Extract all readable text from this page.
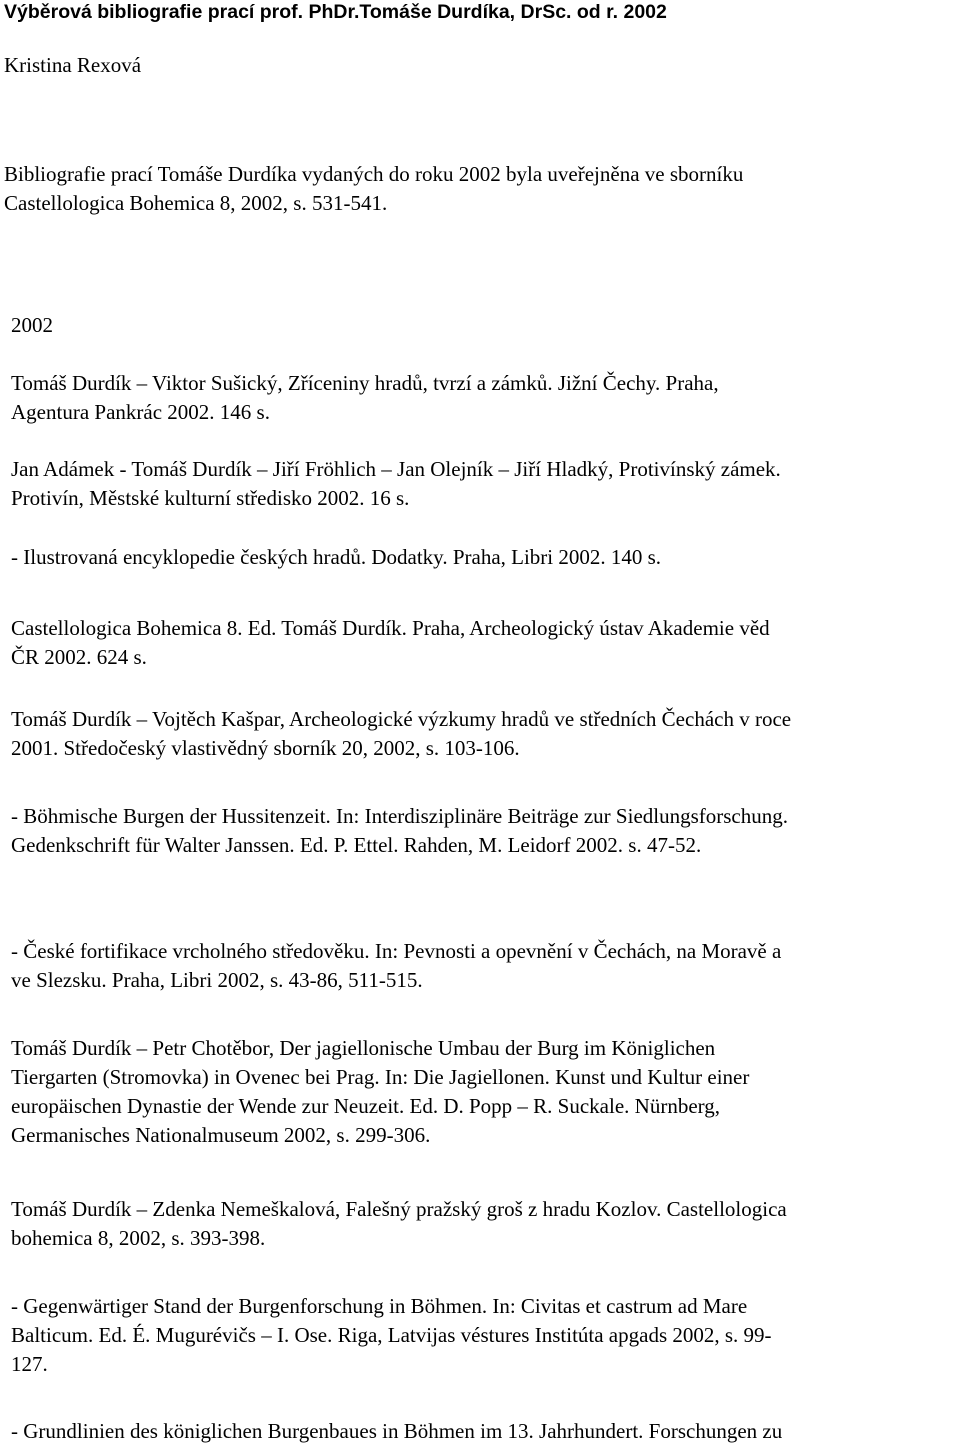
Výběrová bibliografie prací prof. PhDr.Tomáše Durdíka, DrSc. od r. 2002
Kristina Rexová
Bibliografie prací Tomáše Durdíka vydaných do roku 2002 byla uveřejněna ve sborníku
Castellologica Bohemica 8, 2002, s. 531-541.
2002
Tomáš Durdík – Viktor Sušický, Zříceniny hradů, tvrzí a zámků. Jižní Čechy. Praha,
Agentura Pankrác 2002. 146 s.
Jan Adámek - Tomáš Durdík – Jiří Fröhlich – Jan Olejník – Jiří Hladký, Protivínský zámek.
Protivín, Městské kulturní středisko 2002. 16 s.
- Ilustrovaná encyklopedie českých hradů. Dodatky. Praha, Libri 2002. 140 s.
Castellologica Bohemica 8. Ed. Tomáš Durdík. Praha, Archeologický ústav Akademie věd
ČR 2002. 624 s.
Tomáš Durdík – Vojtěch Kašpar, Archeologické výzkumy hradů ve středních Čechách v roce
2001. Středočeský vlastivědný sborník 20, 2002, s. 103-106.
- Böhmische Burgen der Hussitenzeit. In: Interdisziplinäre Beiträge zur Siedlungsforschung.
Gedenkschrift für Walter Janssen. Ed. P. Ettel. Rahden, M. Leidorf 2002. s. 47-52.
- České fortifikace vrcholného středověku. In: Pevnosti a opevnění v Čechách, na Moravě a
ve Slezsku. Praha, Libri 2002, s. 43-86, 511-515.
Tomáš Durdík – Petr Chotěbor, Der jagiellonische Umbau der Burg im Königlichen
Tiergarten (Stromovka) in Ovenec bei Prag. In: Die Jagiellonen. Kunst und Kultur einer
europäischen Dynastie der Wende zur Neuzeit. Ed. D. Popp – R. Suckale. Nürnberg,
Germanisches Nationalmuseum 2002, s. 299-306.
Tomáš Durdík – Zdenka Nemeškalová, Falešný pražský groš z hradu Kozlov. Castellologica
bohemica 8, 2002, s. 393-398.
- Gegenwärtiger Stand der Burgenforschung in Böhmen. In: Civitas et castrum ad Mare
Balticum. Ed. É. Mugurévičs – I. Ose. Riga, Latvijas véstures Institúta apgads 2002, s. 99-
127.
- Grundlinien des königlichen Burgenbaues in Böhmen im 13. Jahrhundert. Forschungen zu
